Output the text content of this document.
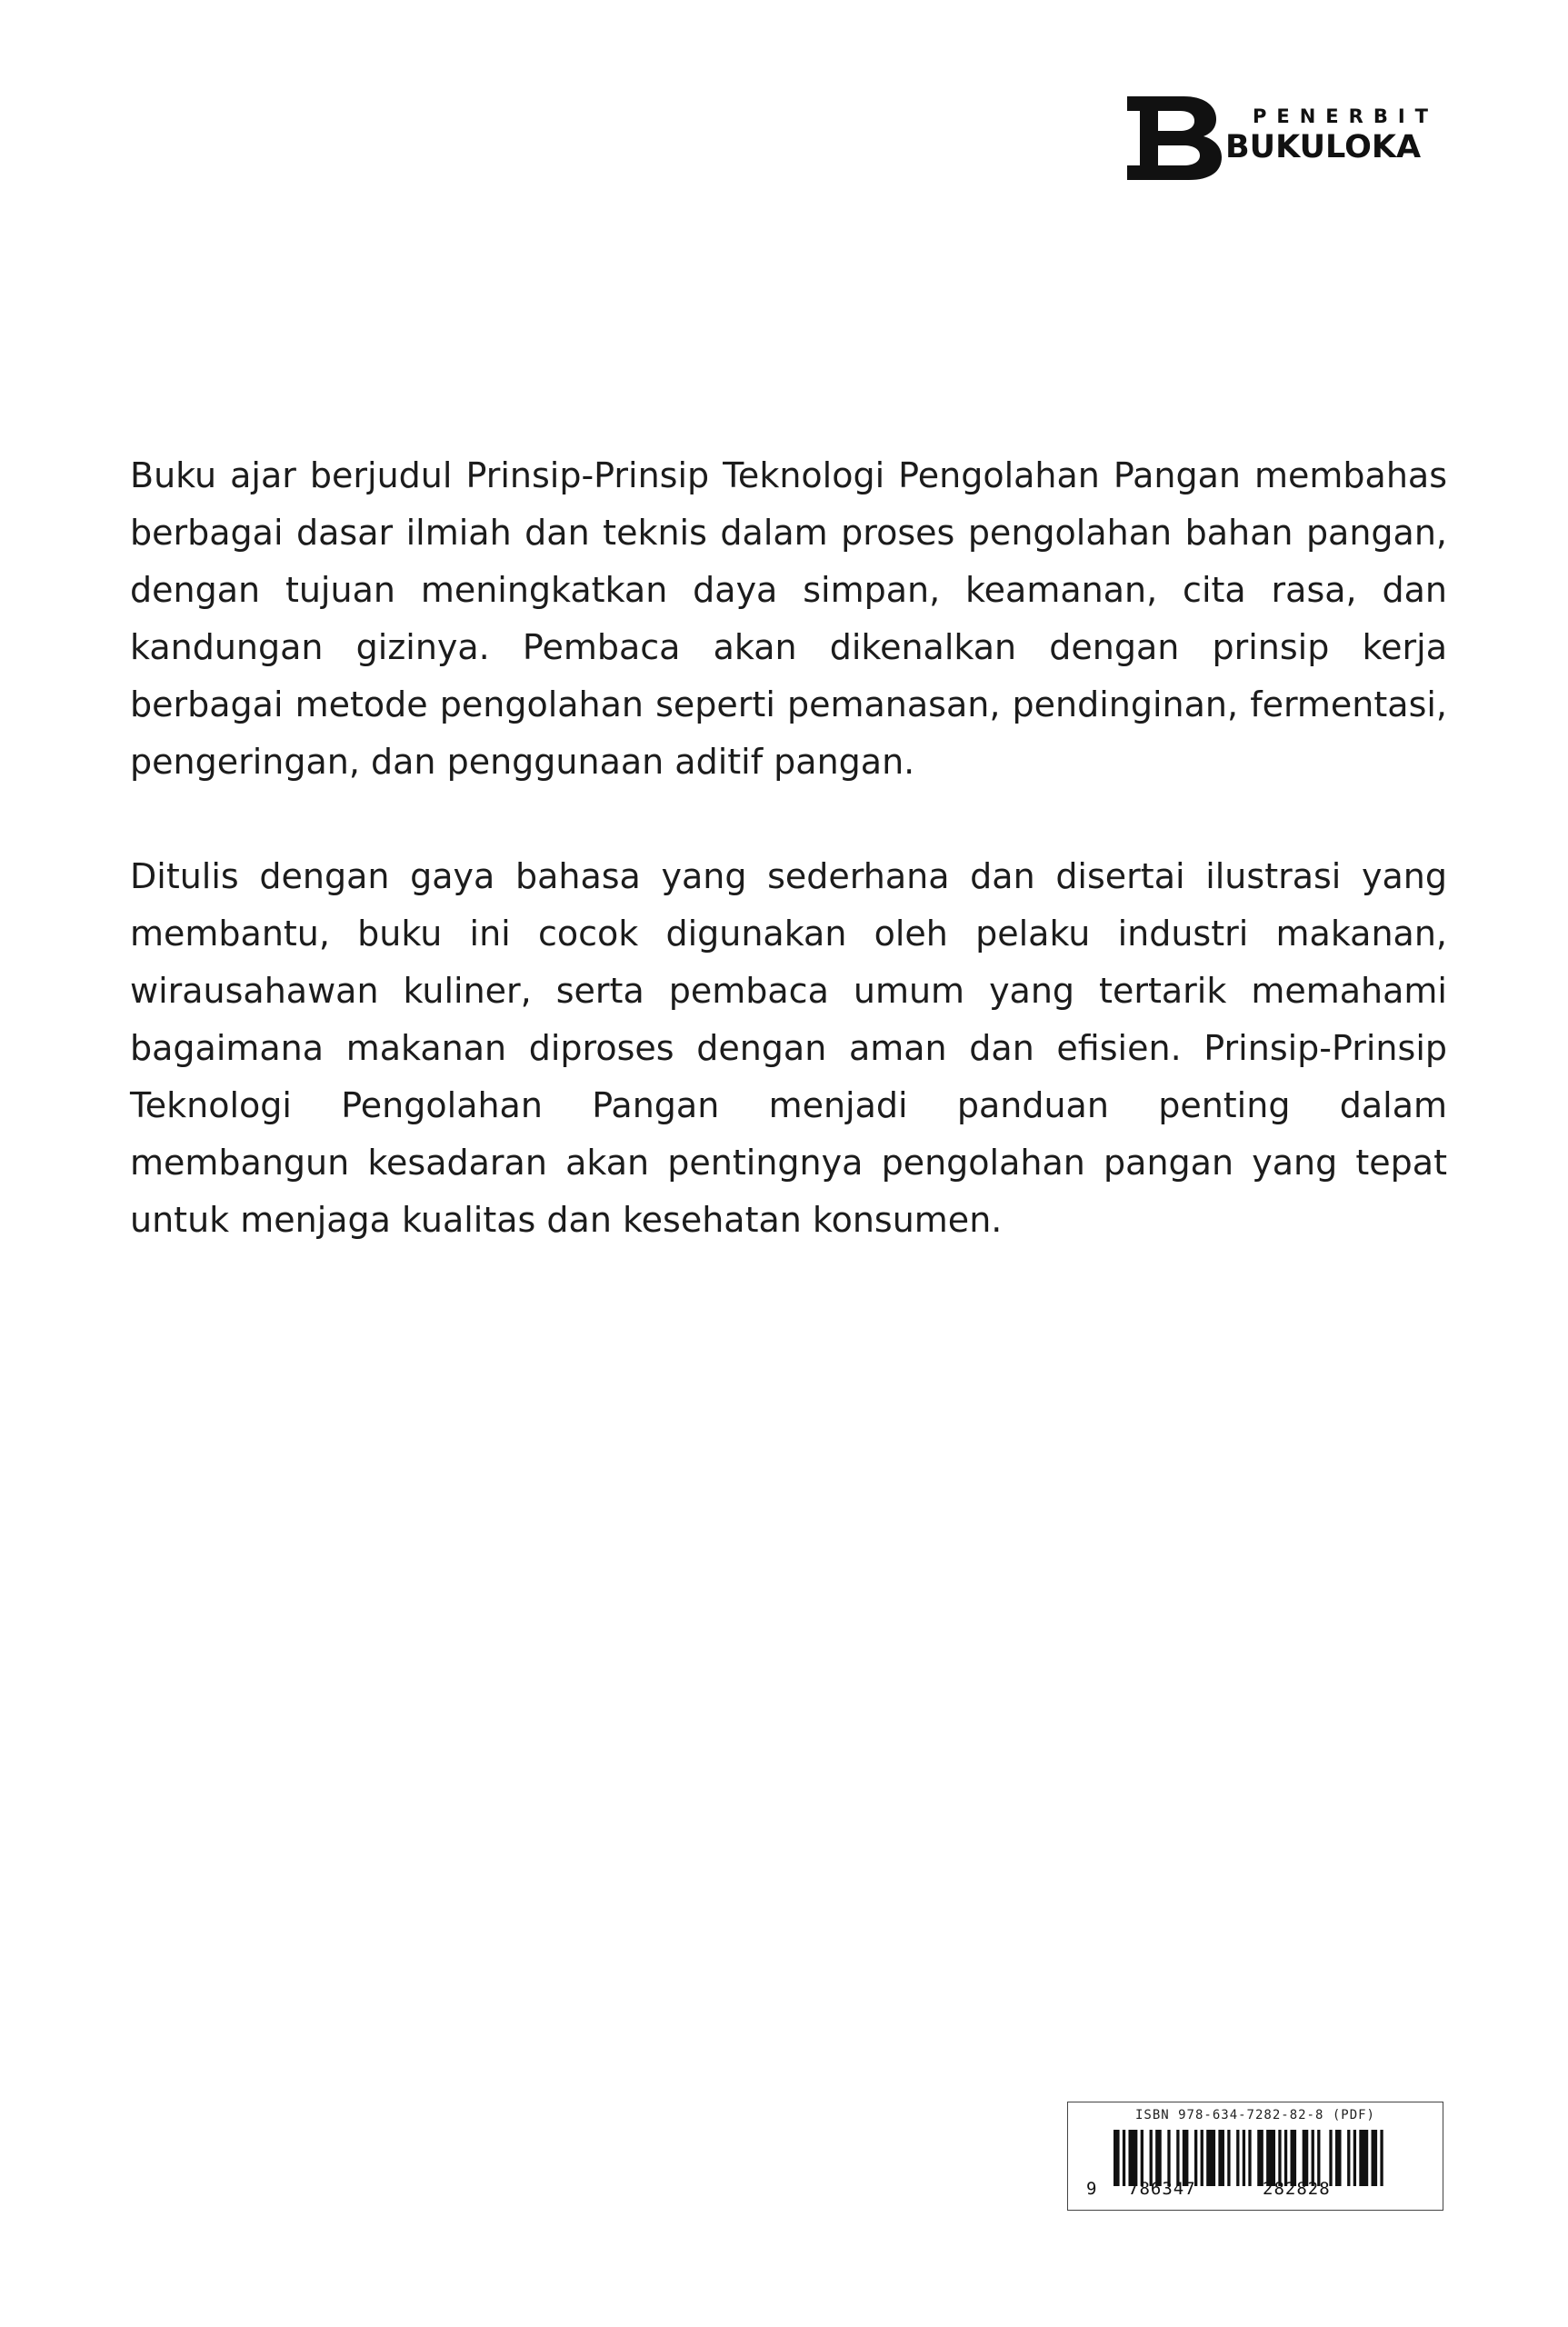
PENERBIT
BUKULOKA

Buku ajar berjudul Prinsip-Prinsip Teknologi Pengolahan Pangan membahas berbagai dasar ilmiah dan teknis dalam proses pengolahan bahan pangan, dengan tujuan meningkatkan daya simpan, keamanan, cita rasa, dan kandungan gizinya. Pembaca akan dikenalkan dengan prinsip kerja berbagai metode pengolahan seperti pemanasan, pendinginan, fermentasi, pengeringan, dan penggunaan aditif pangan.

Ditulis dengan gaya bahasa yang sederhana dan disertai ilustrasi yang membantu, buku ini cocok digunakan oleh pelaku industri makanan, wirausahawan kuliner, serta pembaca umum yang tertarik memahami bagaimana makanan diproses dengan aman dan efisien. Prinsip-Prinsip Teknologi Pengolahan Pangan menjadi panduan penting dalam membangun kesadaran akan pentingnya pengolahan pangan yang tepat untuk menjaga kualitas dan kesehatan konsumen.

ISBN 978-634-7282-82-8 (PDF)
9 786347	282828
